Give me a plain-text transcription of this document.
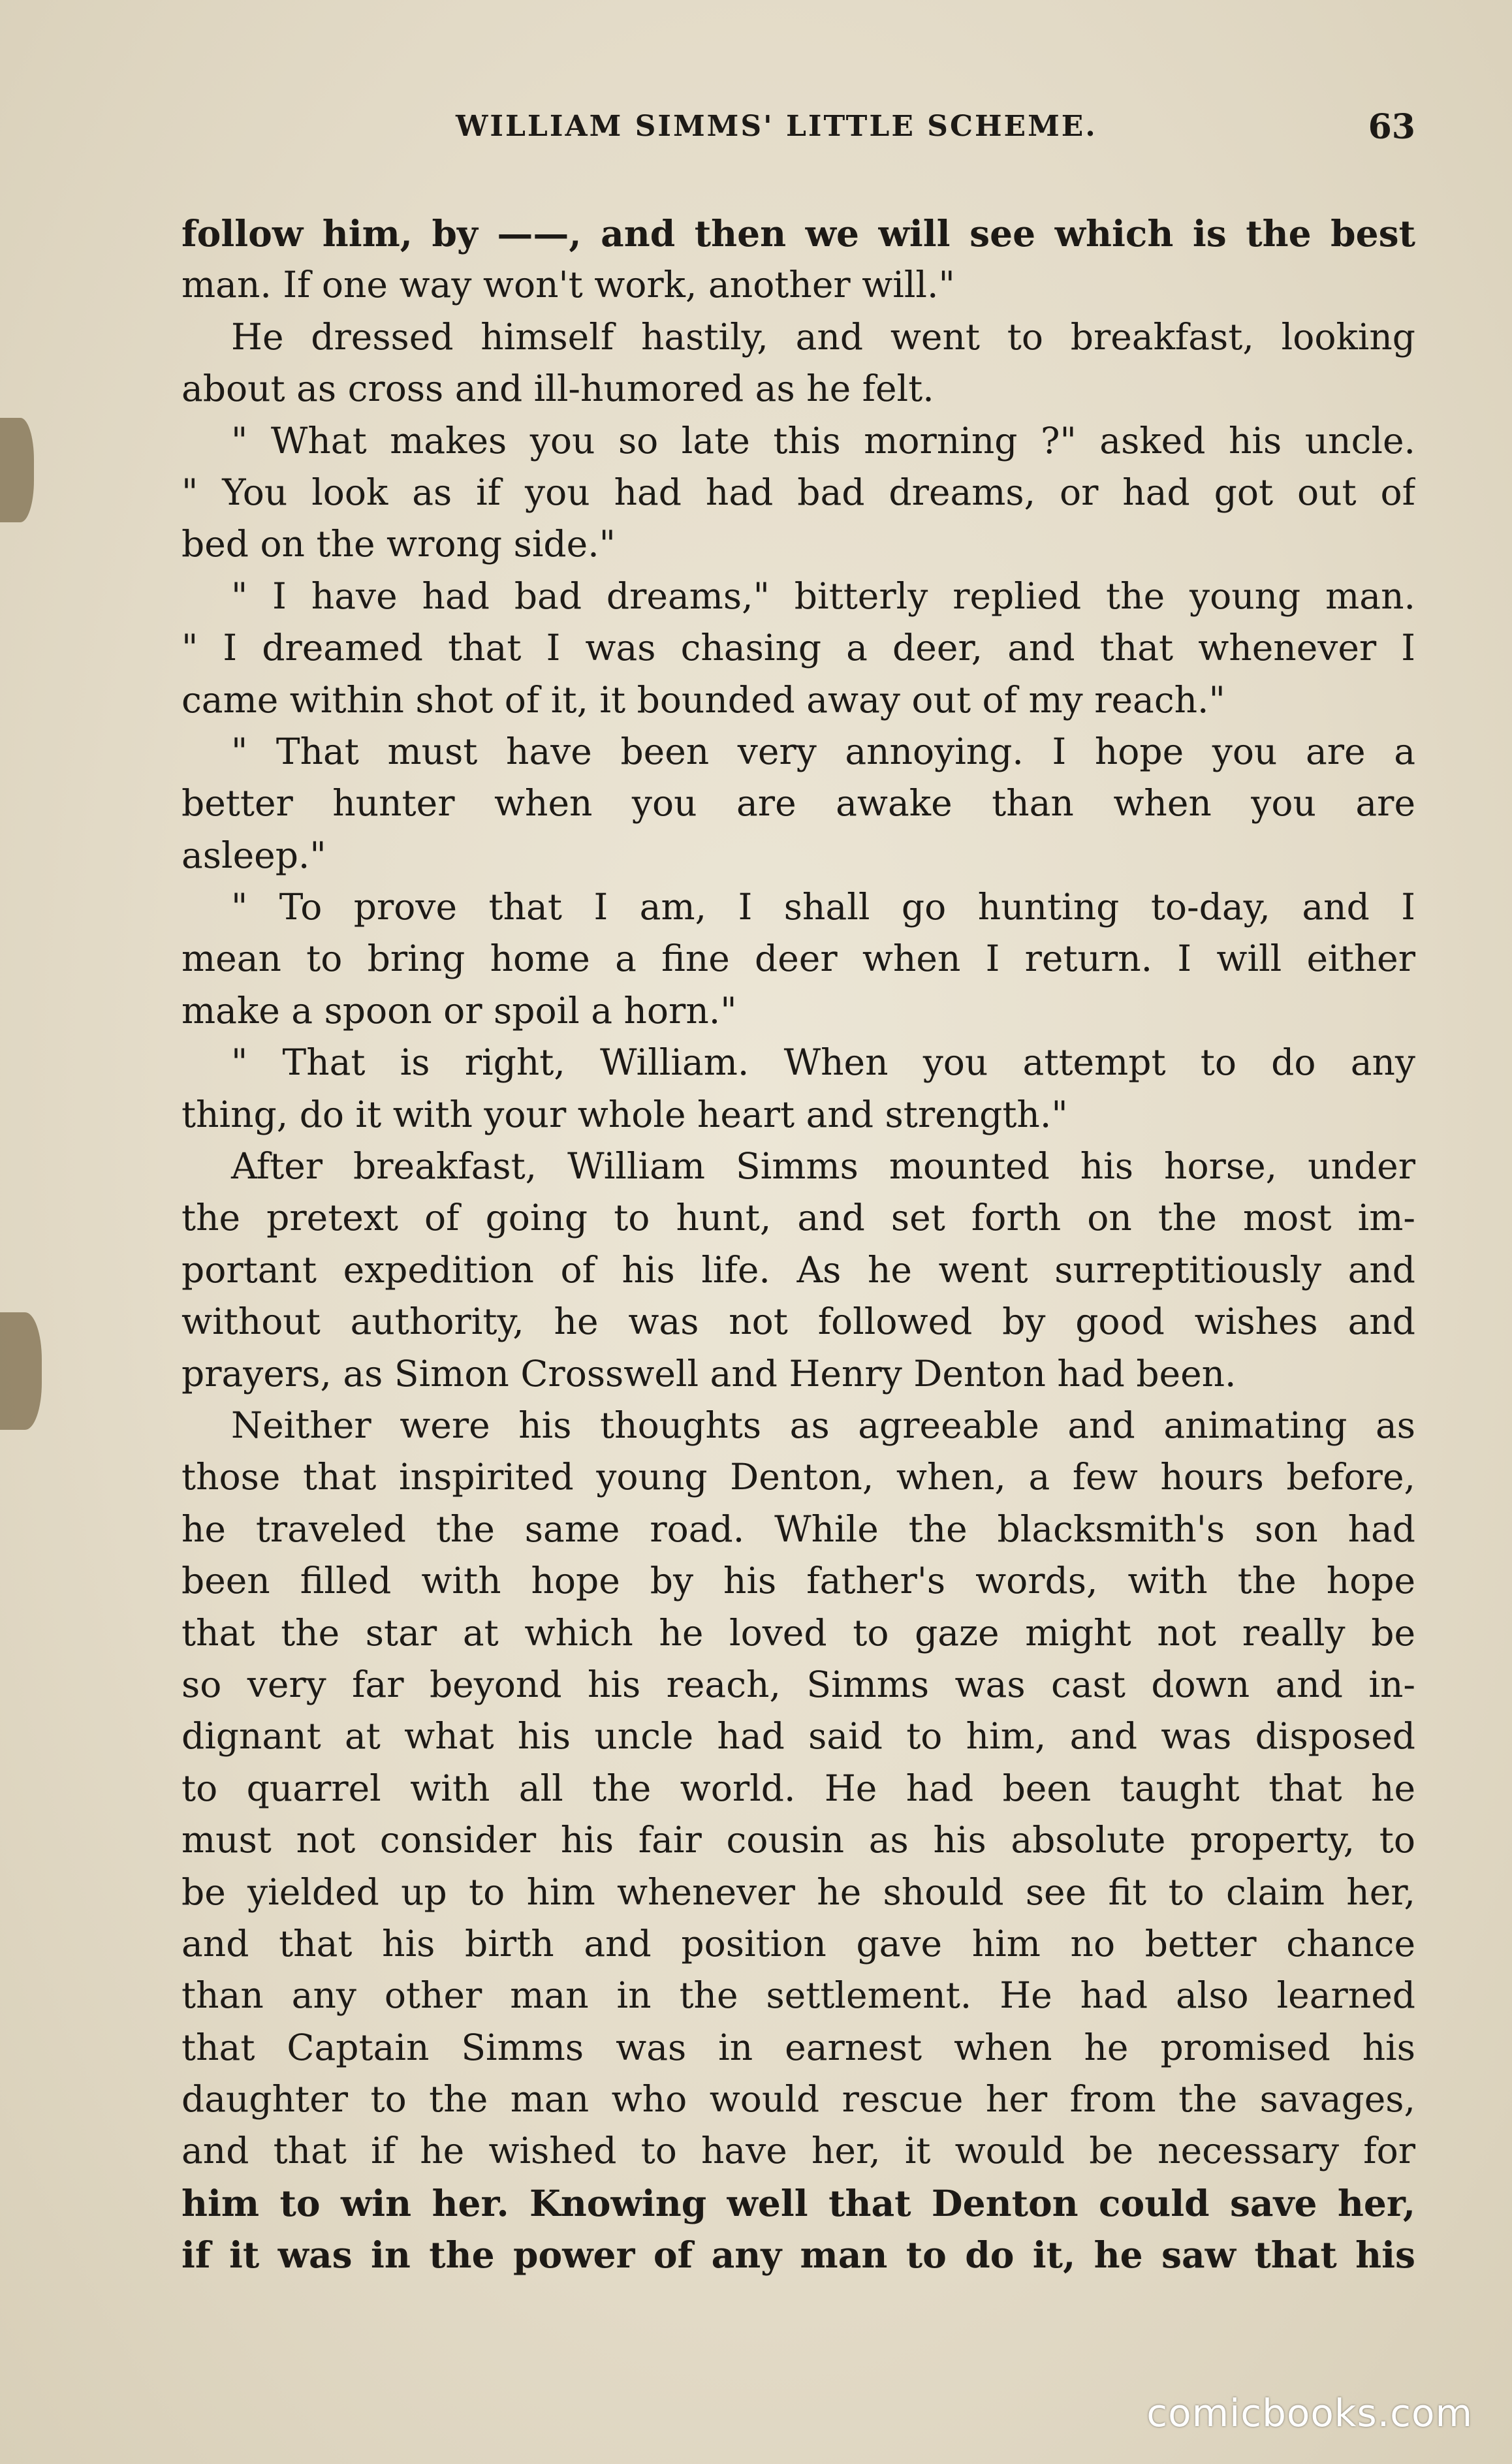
WILLIAM SIMMS' LITTLE SCHEME.	63
follow him, by ——, and then we will see which is the best
man. If one way won't work, another will."
He dressed himself hastily, and went to breakfast, looking
about as cross and ill-humored as he felt.
" What makes you so late this morning ?" asked his uncle.
" You look as if you had had bad dreams, or had got out of
bed on the wrong side."
" I have had bad dreams," bitterly replied the young man.
" I dreamed that I was chasing a deer, and that whenever I
came within shot of it, it bounded away out of my reach."
" That must have been very annoying. I hope you are a
better hunter when you are awake than when you are
asleep."
" To prove that I am, I shall go hunting to-day, and I
mean to bring home a fine deer when I return. I will either
make a spoon or spoil a horn."
" That is right, William. When you attempt to do any
thing, do it with your whole heart and strength."
After breakfast, William Simms mounted his horse, under
the pretext of going to hunt, and set forth on the most im-
portant expedition of his life. As he went surreptitiously and
without authority, he was not followed by good wishes and
prayers, as Simon Crosswell and Henry Denton had been.
Neither were his thoughts as agreeable and animating as
those that inspirited young Denton, when, a few hours before,
he traveled the same road. While the blacksmith's son had
been filled with hope by his father's words, with the hope
that the star at which he loved to gaze might not really be
so very far beyond his reach, Simms was cast down and in-
dignant at what his uncle had said to him, and was disposed
to quarrel with all the world. He had been taught that he
must not consider his fair cousin as his absolute property, to
be yielded up to him whenever he should see fit to claim her,
and that his birth and position gave him no better chance
than any other man in the settlement. He had also learned
that Captain Simms was in earnest when he promised his
daughter to the man who would rescue her from the savages,
and that if he wished to have her, it would be necessary for
him to win her. Knowing well that Denton could save her,
if it was in the power of any man to do it, he saw that his
comicbooks.com
